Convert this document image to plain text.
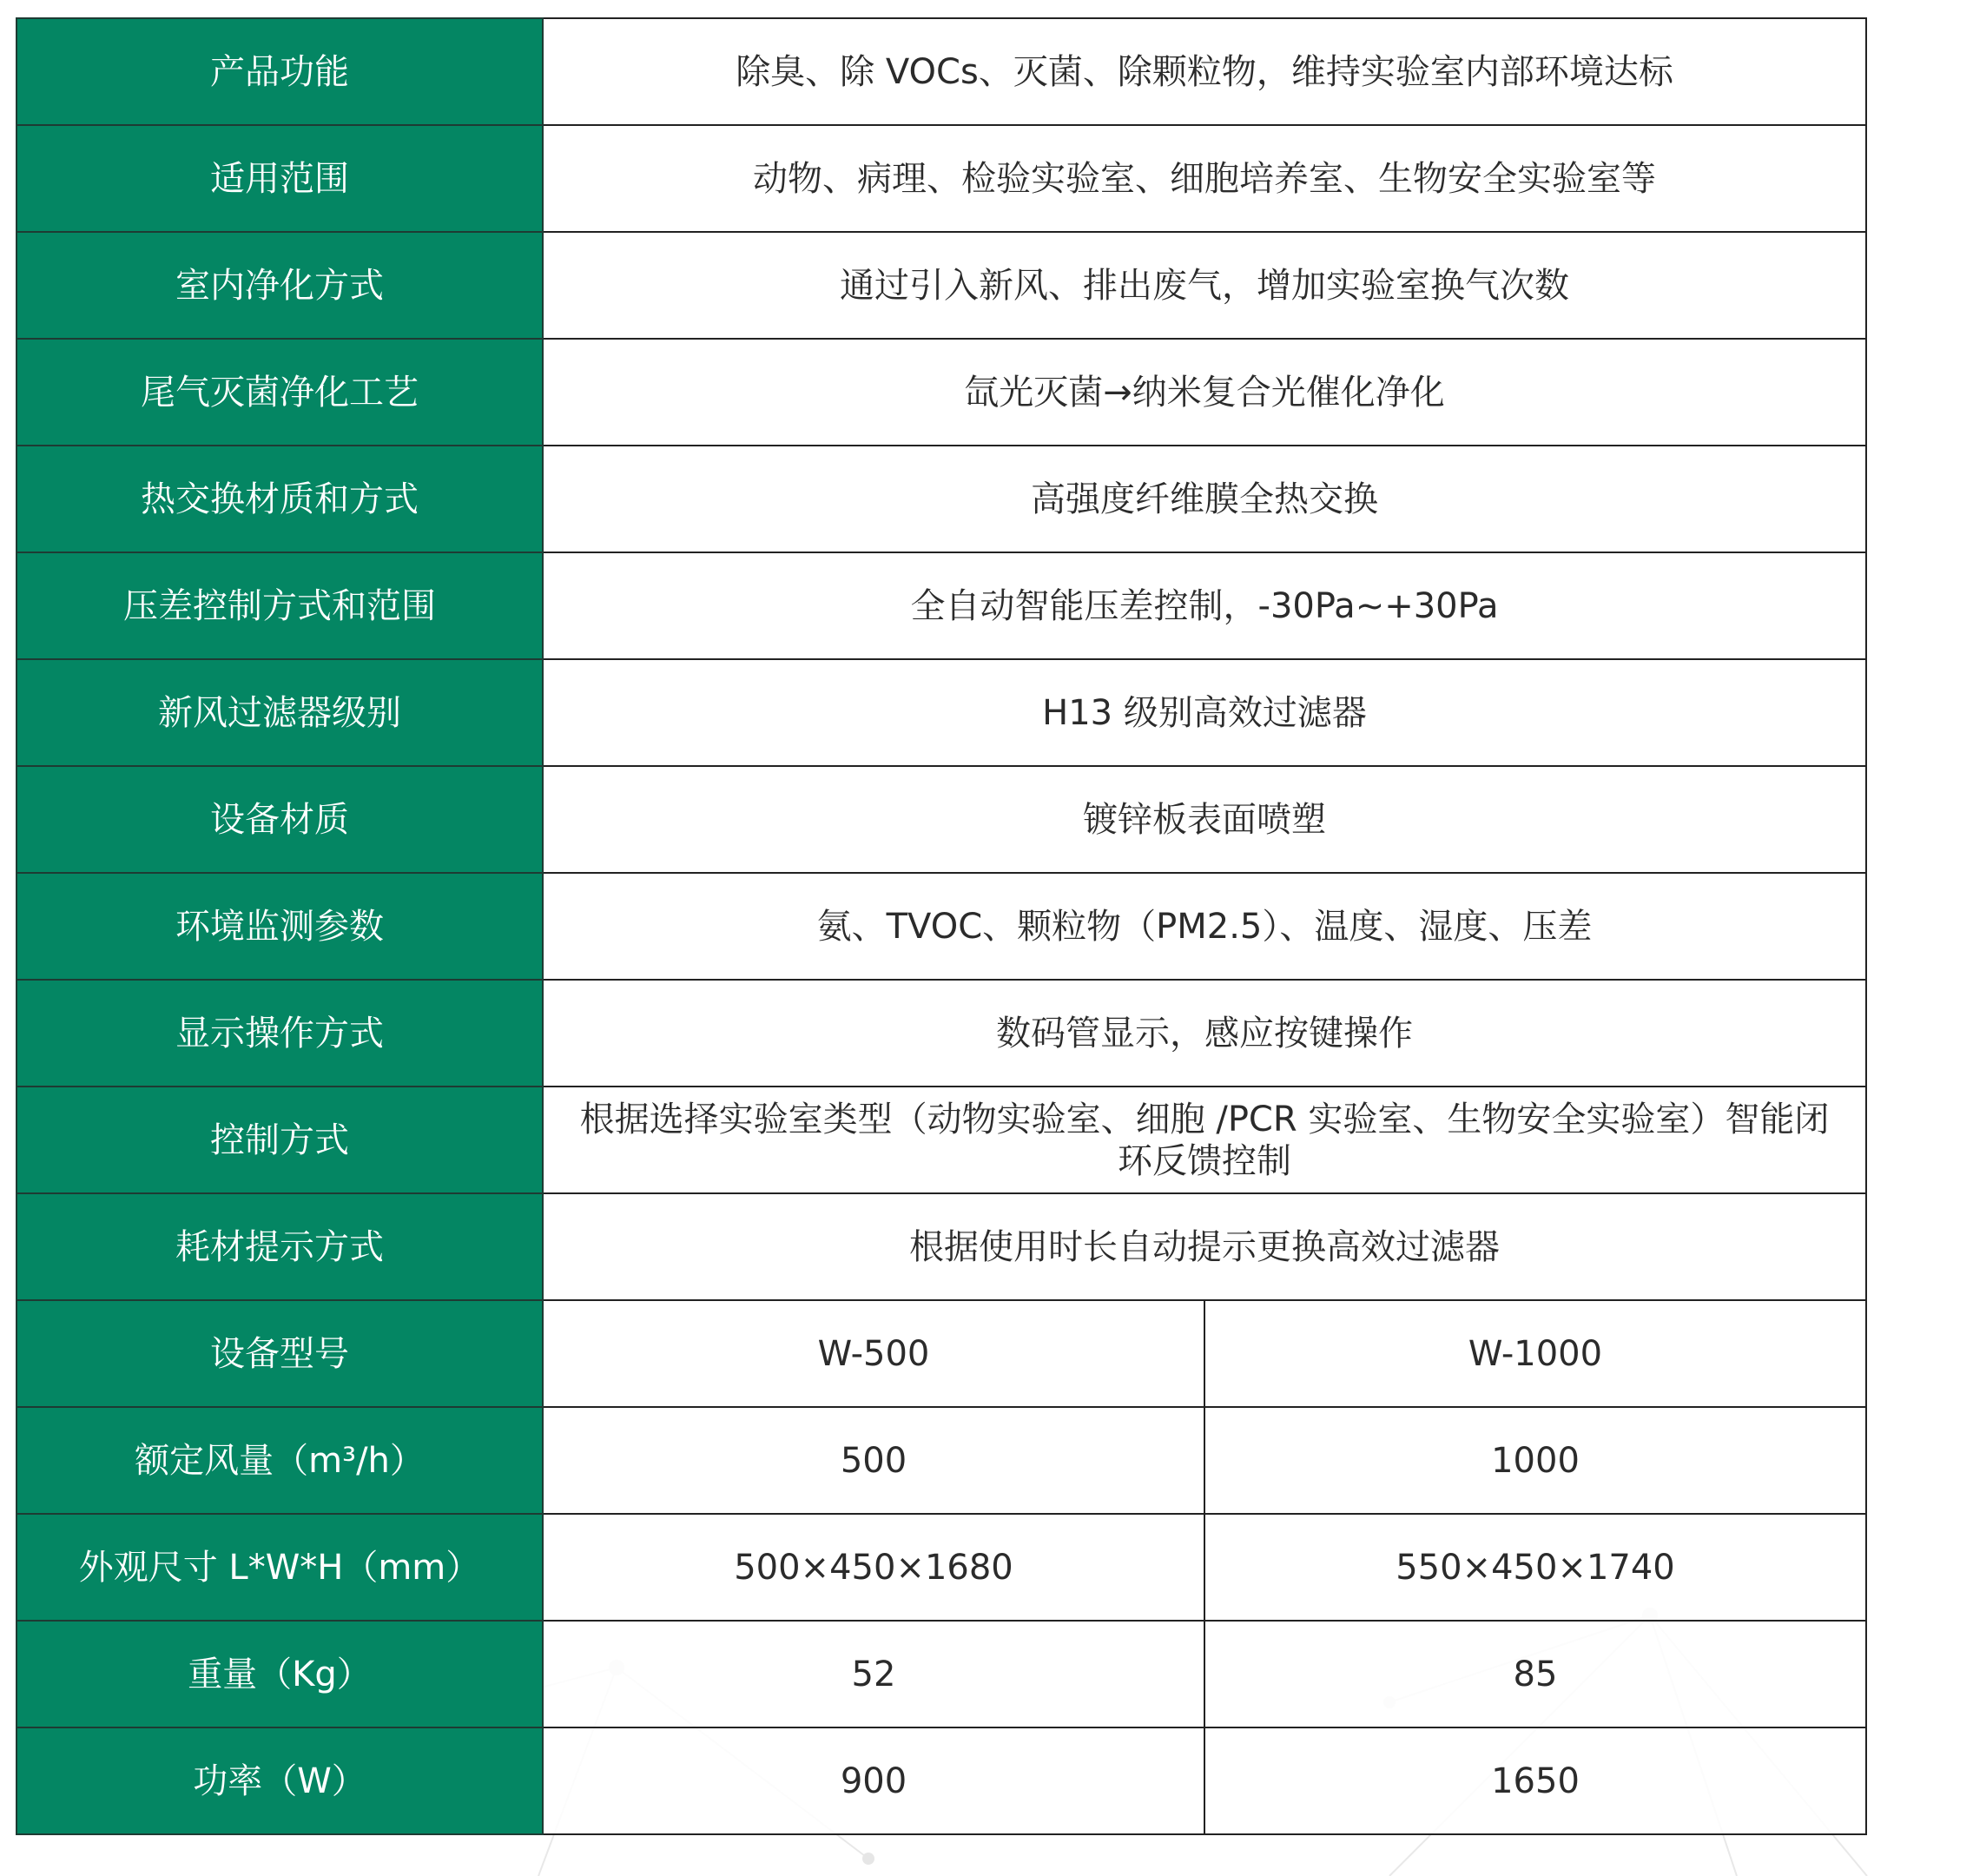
产品功能	除臭、除 VOCs、灭菌、除颗粒物，维持实验室内部环境达标	
适用范围	动物、病理、检验实验室、细胞培养室、生物安全实验室等	
室内净化方式	通过引入新风、排出废气，增加实验室换气次数	
尾气灭菌净化工艺	氙光灭菌→纳米复合光催化净化	
热交换材质和方式	高强度纤维膜全热交换	
压差控制方式和范围	全自动智能压差控制，-30Pa~+30Pa	
新风过滤器级别	H13 级别高效过滤器	
设备材质	镀锌板表面喷塑	
环境监测参数	氨、TVOC、颗粒物（PM2.5）、温度、湿度、压差	
显示操作方式	数码管显示，感应按键操作	
控制方式	根据选择实验室类型（动物实验室、细胞 /PCR 实验室、生物安全实验室）智能闭环反馈控制	
耗材提示方式	根据使用时长自动提示更换高效过滤器	
设备型号	W-500	W-1000
额定风量（m³/h）	500	1000
外观尺寸 L*W*H（mm）	500×450×1680	550×450×1740
重量（Kg）	52	85
功率（W）	900	1650
